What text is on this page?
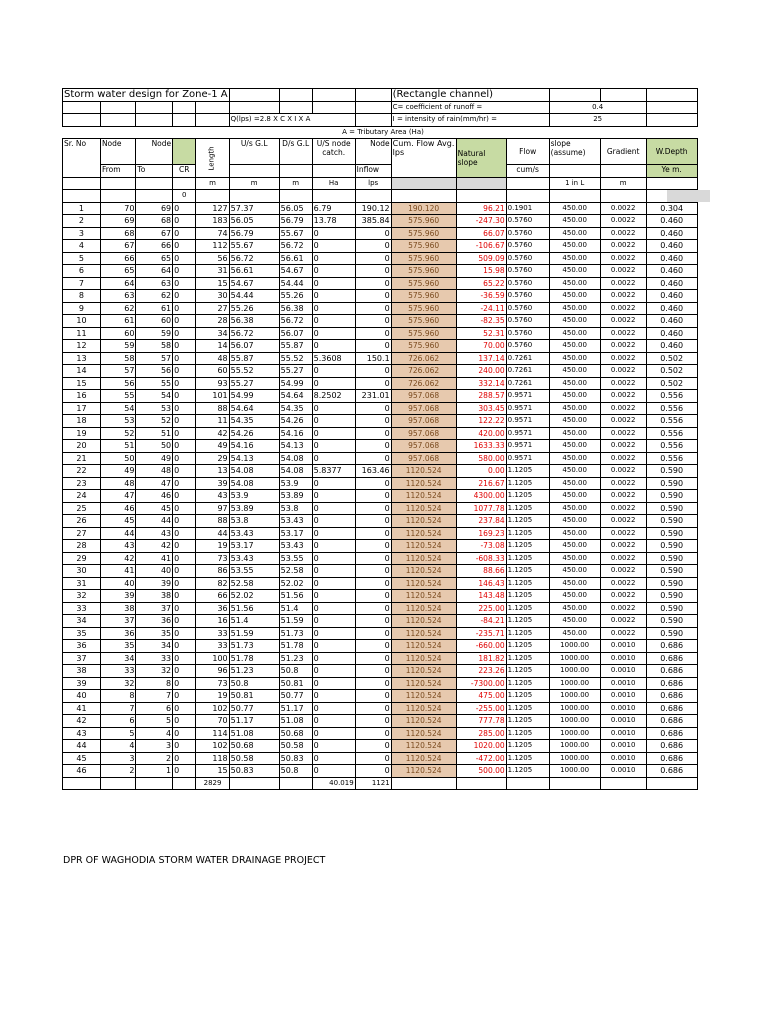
Storm water design for Zone-1 A									(Rectangle channel)					
									C= coefficient of runoff =			0.4		
					Q(lps) =2.8 X C X I X A				I = intensity of rain(mm/hr) =			25		
							A = Tributary Area (Ha)							
Sr. No	Node	Node		Length	U/s G.L	D/s G.L	U/S node catch.	Node	Cum. Flow Avg. lps	Natural slope	Flow	slope (assume)	Gradient	W.Depth
	From	To	CR					Inflow			cum/s			Ye m.
				m	m	m	Ha	lps				1 in L	m	
			0											
1	70	69	0	127	57.37	56.05	6.79	190.12	190.120	96.21	0.1901	450.00	0.0022	0.304
2	69	68	0	183	56.05	56.79	13.78	385.84	575.960	-247.30	0.5760	450.00	0.0022	0.460
3	68	67	0	74	56.79	55.67	0	0	575.960	66.07	0.5760	450.00	0.0022	0.460
4	67	66	0	112	55.67	56.72	0	0	575.960	-106.67	0.5760	450.00	0.0022	0.460
5	66	65	0	56	56.72	56.61	0	0	575.960	509.09	0.5760	450.00	0.0022	0.460
6	65	64	0	31	56.61	54.67	0	0	575.960	15.98	0.5760	450.00	0.0022	0.460
7	64	63	0	15	54.67	54.44	0	0	575.960	65.22	0.5760	450.00	0.0022	0.460
8	63	62	0	30	54.44	55.26	0	0	575.960	-36.59	0.5760	450.00	0.0022	0.460
9	62	61	0	27	55.26	56.38	0	0	575.960	-24.11	0.5760	450.00	0.0022	0.460
10	61	60	0	28	56.38	56.72	0	0	575.960	-82.35	0.5760	450.00	0.0022	0.460
11	60	59	0	34	56.72	56.07	0	0	575.960	52.31	0.5760	450.00	0.0022	0.460
12	59	58	0	14	56.07	55.87	0	0	575.960	70.00	0.5760	450.00	0.0022	0.460
13	58	57	0	48	55.87	55.52	5.3608	150.1	726.062	137.14	0.7261	450.00	0.0022	0.502
14	57	56	0	60	55.52	55.27	0	0	726.062	240.00	0.7261	450.00	0.0022	0.502
15	56	55	0	93	55.27	54.99	0	0	726.062	332.14	0.7261	450.00	0.0022	0.502
16	55	54	0	101	54.99	54.64	8.2502	231.01	957.068	288.57	0.9571	450.00	0.0022	0.556
17	54	53	0	88	54.64	54.35	0	0	957.068	303.45	0.9571	450.00	0.0022	0.556
18	53	52	0	11	54.35	54.26	0	0	957.068	122.22	0.9571	450.00	0.0022	0.556
19	52	51	0	42	54.26	54.16	0	0	957.068	420.00	0.9571	450.00	0.0022	0.556
20	51	50	0	49	54.16	54.13	0	0	957.068	1633.33	0.9571	450.00	0.0022	0.556
21	50	49	0	29	54.13	54.08	0	0	957.068	580.00	0.9571	450.00	0.0022	0.556
22	49	48	0	13	54.08	54.08	5.8377	163.46	1120.524	0.00	1.1205	450.00	0.0022	0.590
23	48	47	0	39	54.08	53.9	0	0	1120.524	216.67	1.1205	450.00	0.0022	0.590
24	47	46	0	43	53.9	53.89	0	0	1120.524	4300.00	1.1205	450.00	0.0022	0.590
25	46	45	0	97	53.89	53.8	0	0	1120.524	1077.78	1.1205	450.00	0.0022	0.590
26	45	44	0	88	53.8	53.43	0	0	1120.524	237.84	1.1205	450.00	0.0022	0.590
27	44	43	0	44	53.43	53.17	0	0	1120.524	169.23	1.1205	450.00	0.0022	0.590
28	43	42	0	19	53.17	53.43	0	0	1120.524	-73.08	1.1205	450.00	0.0022	0.590
29	42	41	0	73	53.43	53.55	0	0	1120.524	-608.33	1.1205	450.00	0.0022	0.590
30	41	40	0	86	53.55	52.58	0	0	1120.524	88.66	1.1205	450.00	0.0022	0.590
31	40	39	0	82	52.58	52.02	0	0	1120.524	146.43	1.1205	450.00	0.0022	0.590
32	39	38	0	66	52.02	51.56	0	0	1120.524	143.48	1.1205	450.00	0.0022	0.590
33	38	37	0	36	51.56	51.4	0	0	1120.524	225.00	1.1205	450.00	0.0022	0.590
34	37	36	0	16	51.4	51.59	0	0	1120.524	-84.21	1.1205	450.00	0.0022	0.590
35	36	35	0	33	51.59	51.73	0	0	1120.524	-235.71	1.1205	450.00	0.0022	0.590
36	35	34	0	33	51.73	51.78	0	0	1120.524	-660.00	1.1205	1000.00	0.0010	0.686
37	34	33	0	100	51.78	51.23	0	0	1120.524	181.82	1.1205	1000.00	0.0010	0.686
38	33	32	0	96	51.23	50.8	0	0	1120.524	223.26	1.1205	1000.00	0.0010	0.686
39	32	8	0	73	50.8	50.81	0	0	1120.524	-7300.00	1.1205	1000.00	0.0010	0.686
40	8	7	0	19	50.81	50.77	0	0	1120.524	475.00	1.1205	1000.00	0.0010	0.686
41	7	6	0	102	50.77	51.17	0	0	1120.524	-255.00	1.1205	1000.00	0.0010	0.686
42	6	5	0	70	51.17	51.08	0	0	1120.524	777.78	1.1205	1000.00	0.0010	0.686
43	5	4	0	114	51.08	50.68	0	0	1120.524	285.00	1.1205	1000.00	0.0010	0.686
44	4	3	0	102	50.68	50.58	0	0	1120.524	1020.00	1.1205	1000.00	0.0010	0.686
45	3	2	0	118	50.58	50.83	0	0	1120.524	-472.00	1.1205	1000.00	0.0010	0.686
46	2	1	0	15	50.83	50.8	0	0	1120.524	500.00	1.1205	1000.00	0.0010	0.686
				2829			40.019	1121						
DPR OF WAGHODIA STORM WATER DRAINAGE PROJECT
